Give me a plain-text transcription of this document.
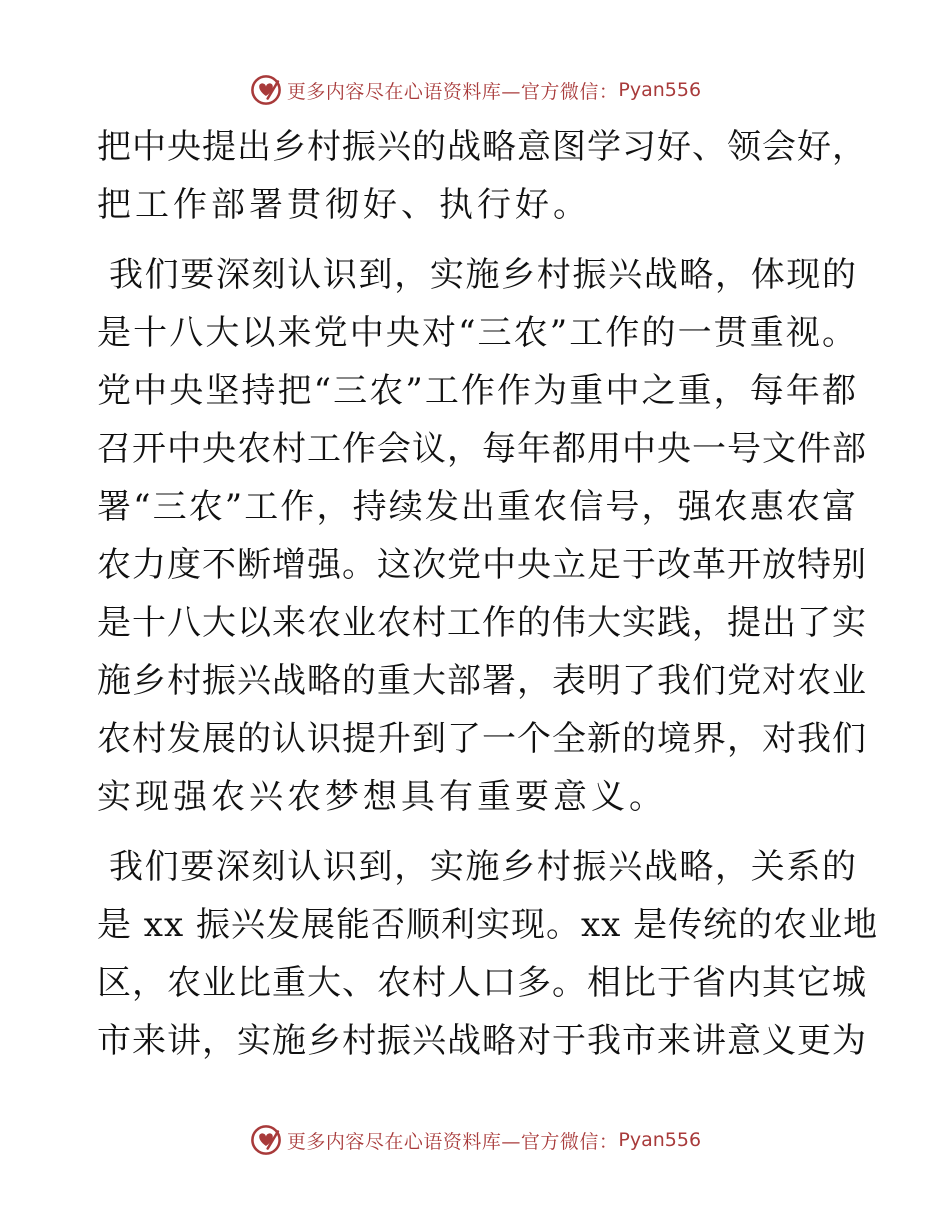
更多内容尽在心语资料库—官方微信： Pyan556
把中央提出乡村振兴的战略意图学习好、领会好，
把工作部署贯彻好、执行好。
我们要深刻认识到，实施乡村振兴战略，体现的
是十八大以来党中央对“三农”工作的一贯重视。
党中央坚持把“三农”工作作为重中之重，每年都
召开中央农村工作会议，每年都用中央一号文件部
署“三农”工作，持续发出重农信号，强农惠农富
农力度不断增强。这次党中央立足于改革开放特别
是十八大以来农业农村工作的伟大实践，提出了实
施乡村振兴战略的重大部署，表明了我们党对农业
农村发展的认识提升到了一个全新的境界，对我们
实现强农兴农梦想具有重要意义。
我们要深刻认识到，实施乡村振兴战略，关系的
是 xx 振兴发展能否顺利实现。xx 是传统的农业地
区，农业比重大、农村人口多。相比于省内其它城
市来讲，实施乡村振兴战略对于我市来讲意义更为
更多内容尽在心语资料库—官方微信： Pyan556
